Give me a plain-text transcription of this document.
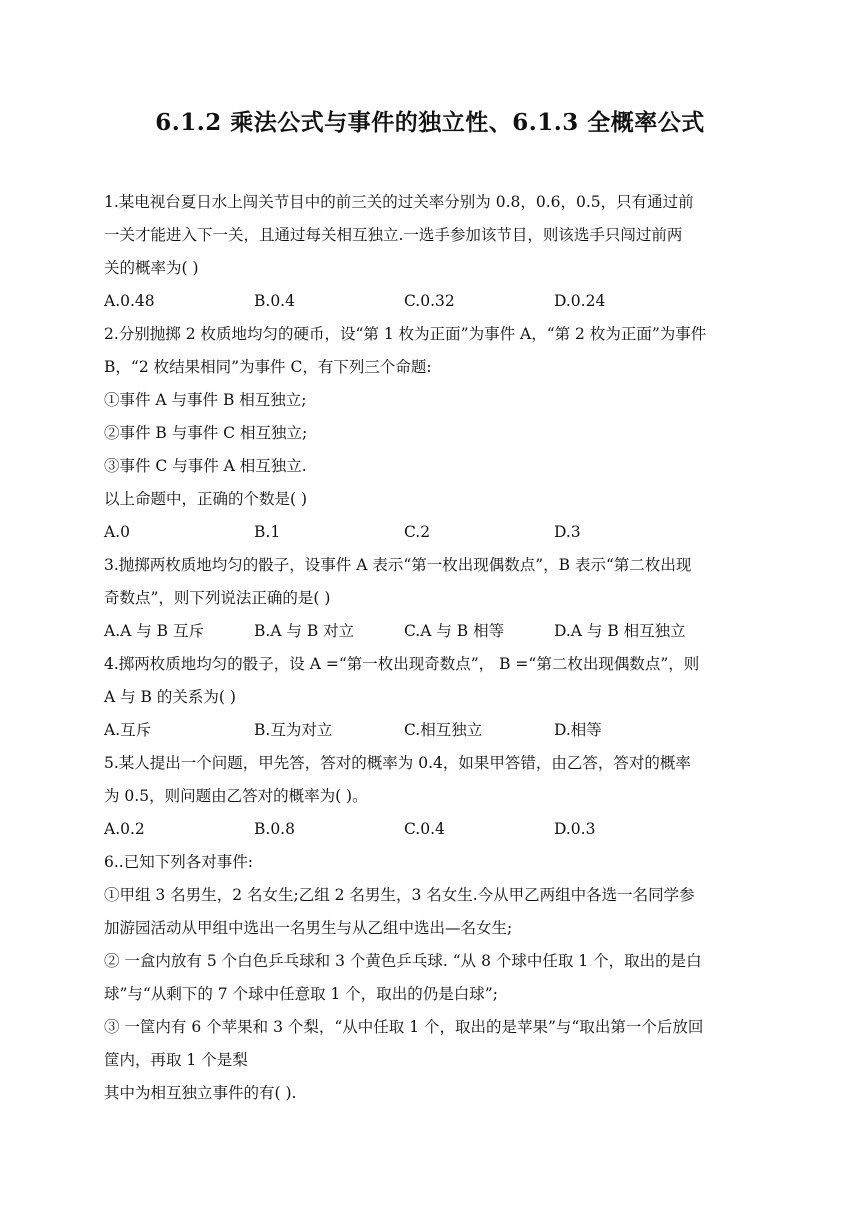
6.1.2 乘法公式与事件的独立性、6.1.3 全概率公式
1.某电视台夏日水上闯关节目中的前三关的过关率分别为 0.8，0.6，0.5，只有通过前
一关才能进入下一关，且通过每关相互独立.一选手参加该节目，则该选手只闯过前两
关的概率为( )
A.0.48	B.0.4	C.0.32	D.0.24
2.分别抛掷 2 枚质地均匀的硬币，设“第 1 枚为正面”为事件 A，“第 2 枚为正面”为事件
B，“2 枚结果相同”为事件 C，有下列三个命题:
①事件 A 与事件 B 相互独立;
②事件 B 与事件 C 相互独立;
③事件 C 与事件 A 相互独立.
以上命题中，正确的个数是( )
A.0	B.1	C.2	D.3
3.抛掷两枚质地均匀的骰子，设事件 A 表示“第一枚出现偶数点”，B 表示“第二枚出现
奇数点”，则下列说法正确的是( )
A.A 与 B 互斥	B.A 与 B 对立	C.A 与 B 相等	D.A 与 B 相互独立
4.掷两枚质地均匀的骰子，设 A =“第一枚出现奇数点”， B =“第二枚出现偶数点”，则
A 与 B 的关系为( )
A.互斥	B.互为对立	C.相互独立	D.相等
5.某人提出一个问题，甲先答，答对的概率为 0.4，如果甲答错，由乙答，答对的概率
为 0.5，则问题由乙答对的概率为( )。
A.0.2	B.0.8	C.0.4	D.0.3
6..已知下列各对事件:
①甲组 3 名男生，2 名女生;乙组 2 名男生，3 名女生.今从甲乙两组中各选一名同学参
加游园活动从甲组中选出一名男生与从乙组中选出—名女生;
② 一盒内放有 5 个白色乒乓球和 3 个黄色乒乓球. “从 8 个球中任取 1 个，取出的是白
球”与“从剩下的 7 个球中任意取 1 个，取出的仍是白球”;
③ 一筐内有 6 个苹果和 3 个梨，“从中任取 1 个，取出的是苹果”与“取出第一个后放回
筐内，再取 1 个是梨
其中为相互独立事件的有( ).
